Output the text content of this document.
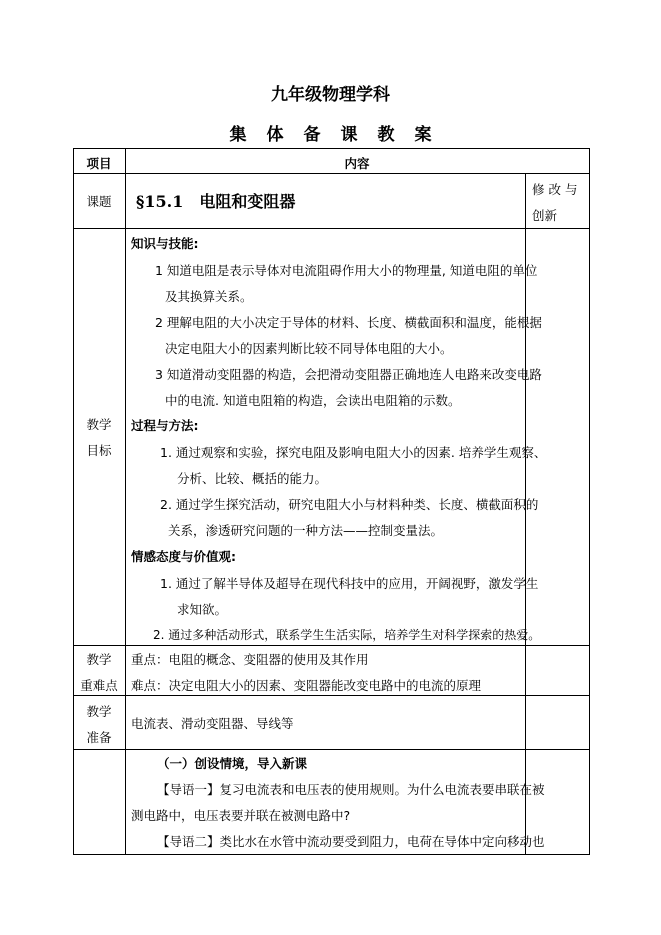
九年级物理学科
集体备课教案
项目	内容
课题	§15.1　电阻和变阻器
修 改 与
创新
教学
目标
知识与技能:
1 知道电阻是表示导体对电流阻碍作用大小的物理量, 知道电阻的单位
及其换算关系。
2 理解电阻的大小决定于导体的材料、长度、横截面积和温度，能根据
决定电阻大小的因素判断比较不同导体电阻的大小。
3 知道滑动变阻器的构造，会把滑动变阻器正确地连人电路来改变电路
中的电流. 知道电阻箱的构造，会读出电阻箱的示数。
过程与方法:
1. 通过观察和实验，探究电阻及影响电阻大小的因素. 培养学生观察、
分析、比较、概括的能力。
2. 通过学生探究活动，研究电阻大小与材料种类、长度、横截面积的
关系，渗透研究问题的一种方法——控制变量法。
情感态度与价值观:
1. 通过了解半导体及超导在现代科技中的应用，开阔视野，激发学生
求知欲。
2. 通过多种活动形式，联系学生生活实际，培养学生对科学探索的热爱。
教学
重难点
重点：电阻的概念、变阻器的使用及其作用
难点：决定电阻大小的因素、变阻器能改变电路中的电流的原理
教学
准备
电流表、滑动变阻器、导线等
（一）创设情境，导入新课
【导语一】复习电流表和电压表的使用规则。为什么电流表要串联在被
测电路中，电压表要并联在被测电路中?
【导语二】类比水在水管中流动要受到阻力，电荷在导体中定向移动也
